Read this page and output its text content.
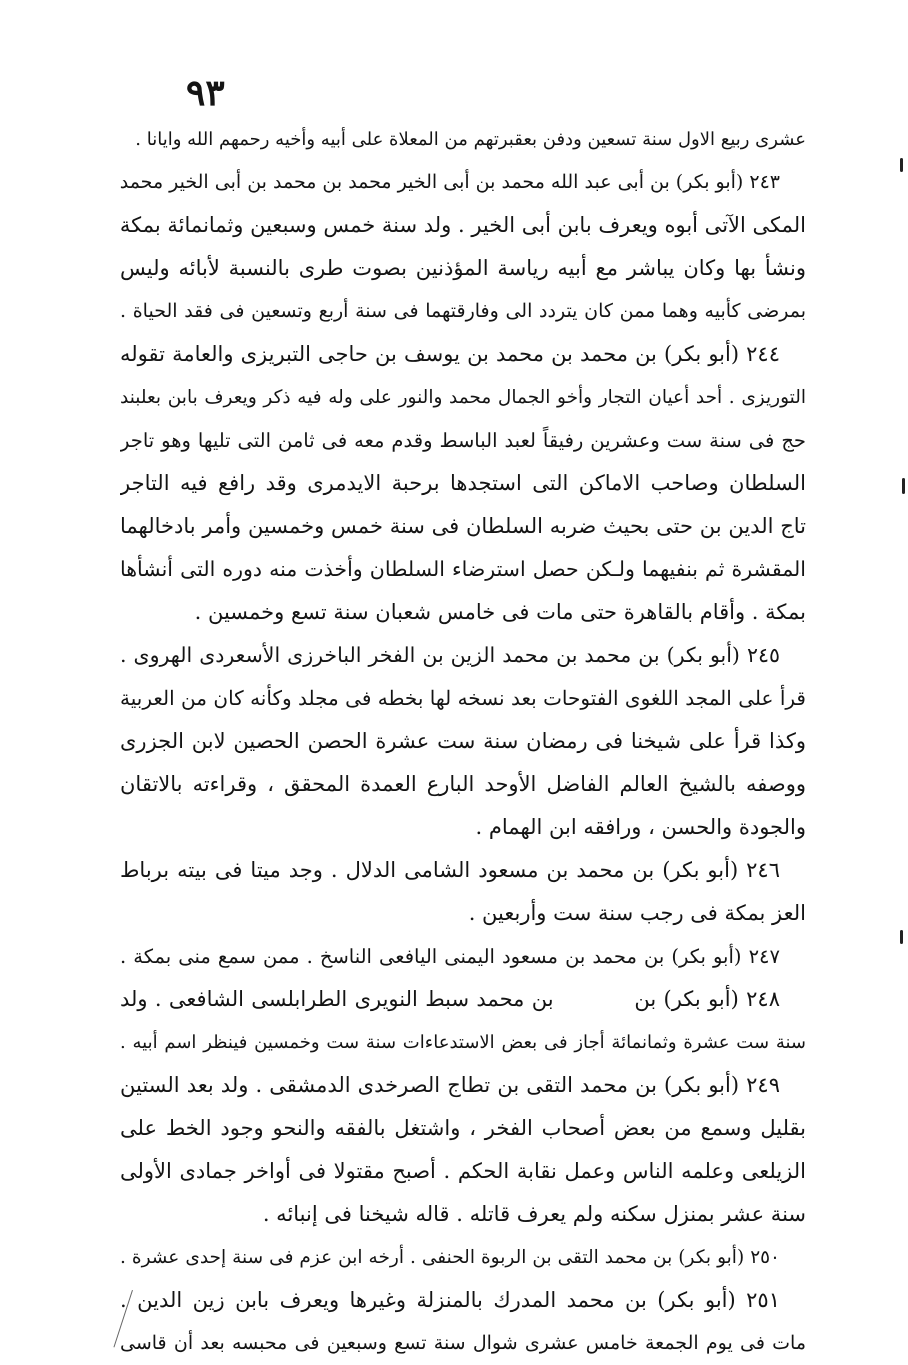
٩٣
عشرى ربيع الاول سنة تسعين ودفن بعقبرتهم من المعلاة على أبيه وأخيه رحمهم الله وايانا .
٢٤٣ (أبو بكر) بن أبى عبد الله محمد بن أبى الخير محمد بن محمد بن أبى الخير محمد
المكى الآتى أبوه ويعرف بابن أبى الخير . ولد سنة خمس وسبعين وثمانمائة بمكة
ونشأ بها وكان يباشر مع أبيه رياسة المؤذنين بصوت طرى بالنسبة لأبائه وليس
بمرضى كأبيه وهما ممن كان يتردد الى وفارقتهما فى سنة أربع وتسعين فى فقد الحياة .
٢٤٤ (أبو بكر) بن محمد بن محمد بن يوسف بن حاجى التبريزى والعامة تقوله
التوريزى . أحد أعيان التجار وأخو الجمال محمد والنور على وله فيه ذكر ويعرف بابن بعلبند
حج فى سنة ست وعشرين رفيقاً لعبد الباسط وقدم معه فى ثامن التى تليها وهو تاجر
السلطان وصاحب الاماكن التى استجدها برحبة الايدمرى وقد رافع فيه التاجر
تاج الدين بن حتى بحيث ضربه السلطان فى سنة خمس وخمسين وأمر بادخالهما
المقشرة ثم بنفيهما ولـكن حصل استرضاء السلطان وأخذت منه دوره التى أنشأها
بمكة . وأقام بالقاهرة حتى مات فى خامس شعبان سنة تسع وخمسين .
٢٤٥ (أبو بكر) بن محمد بن محمد الزين بن الفخر الباخرزى الأسعردى الهروى .
قرأ على المجد اللغوى الفتوحات بعد نسخه لها بخطه فى مجلد وكأنه كان من العربية
وكذا قرأ على شيخنا فى رمضان سنة ست عشرة الحصن الحصين لابن الجزرى
ووصفه بالشيخ العالم الفاضل الأوحد البارع العمدة المحقق ، وقراءته بالاتقان
والجودة والحسن ، ورافقه ابن الهمام .
٢٤٦ (أبو بكر) بن محمد بن مسعود الشامى الدلال . وجد ميتا فى بيته برباط
العز بمكة فى رجب سنة ست وأربعين .
٢٤٧ (أبو بكر) بن محمد بن مسعود اليمنى اليافعى الناسخ . ممن سمع منى بمكة .
٢٤٨ (أبو بكر) بن           بن محمد سبط النويرى الطرابلسى الشافعى . ولد
سنة ست عشرة وثمانمائة أجاز فى بعض الاستدعاءات سنة ست وخمسين فينظر اسم أبيه .
٢٤٩ (أبو بكر) بن محمد التقى بن تطاج الصرخدى الدمشقى . ولد بعد الستين
بقليل وسمع من بعض أصحاب الفخر ، واشتغل بالفقه والنحو وجود الخط على
الزيلعى وعلمه الناس وعمل نقابة الحكم . أصبح مقتولا فى أواخر جمادى الأولى
سنة عشر بمنزل سكنه ولم يعرف قاتله . قاله شيخنا فى إنبائه .
٢٥٠ (أبو بكر) بن محمد التقى بن الربوة الحنفى . أرخه ابن عزم فى سنة إحدى عشرة .
٢٥١ (أبو بكر) بن محمد المدرك بالمنزلة وغيرها ويعرف بابن زين الدين .
مات فى يوم الجمعة خامس عشرى شوال سنة تسع وسبعين فى محبسه بعد أن قاسى
